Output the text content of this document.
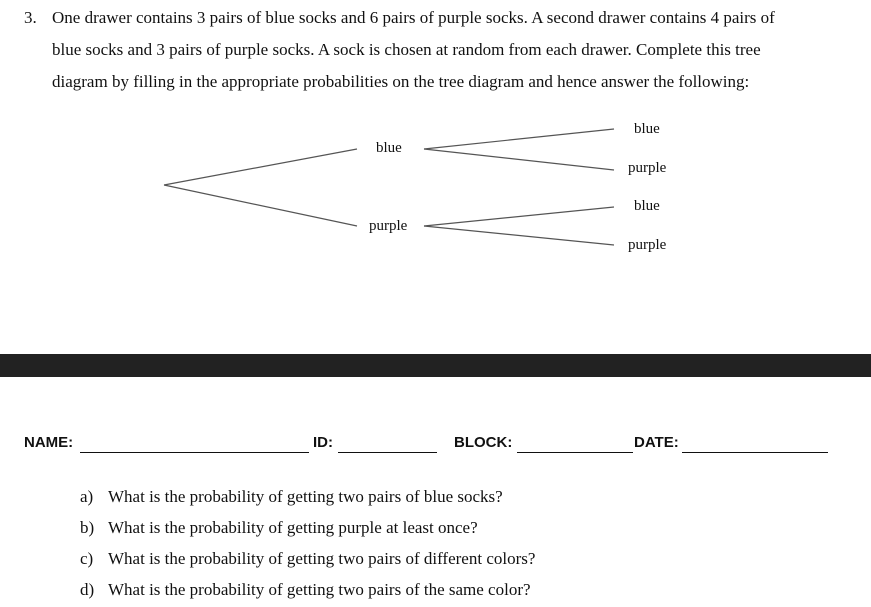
3. One drawer contains 3 pairs of blue socks and 6 pairs of purple socks. A second drawer contains 4 pairs of
blue socks and 3 pairs of purple socks. A sock is chosen at random from each drawer. Complete this tree
diagram by filling in the appropriate probabilities on the tree diagram and hence answer the following:
blue
purple
blue
purple
blue
purple
NAME:	ID:	BLOCK:	DATE:
a) What is the probability of getting two pairs of blue socks?
b) What is the probability of getting purple at least once?
c) What is the probability of getting two pairs of different colors?
d) What is the probability of getting two pairs of the same color?
